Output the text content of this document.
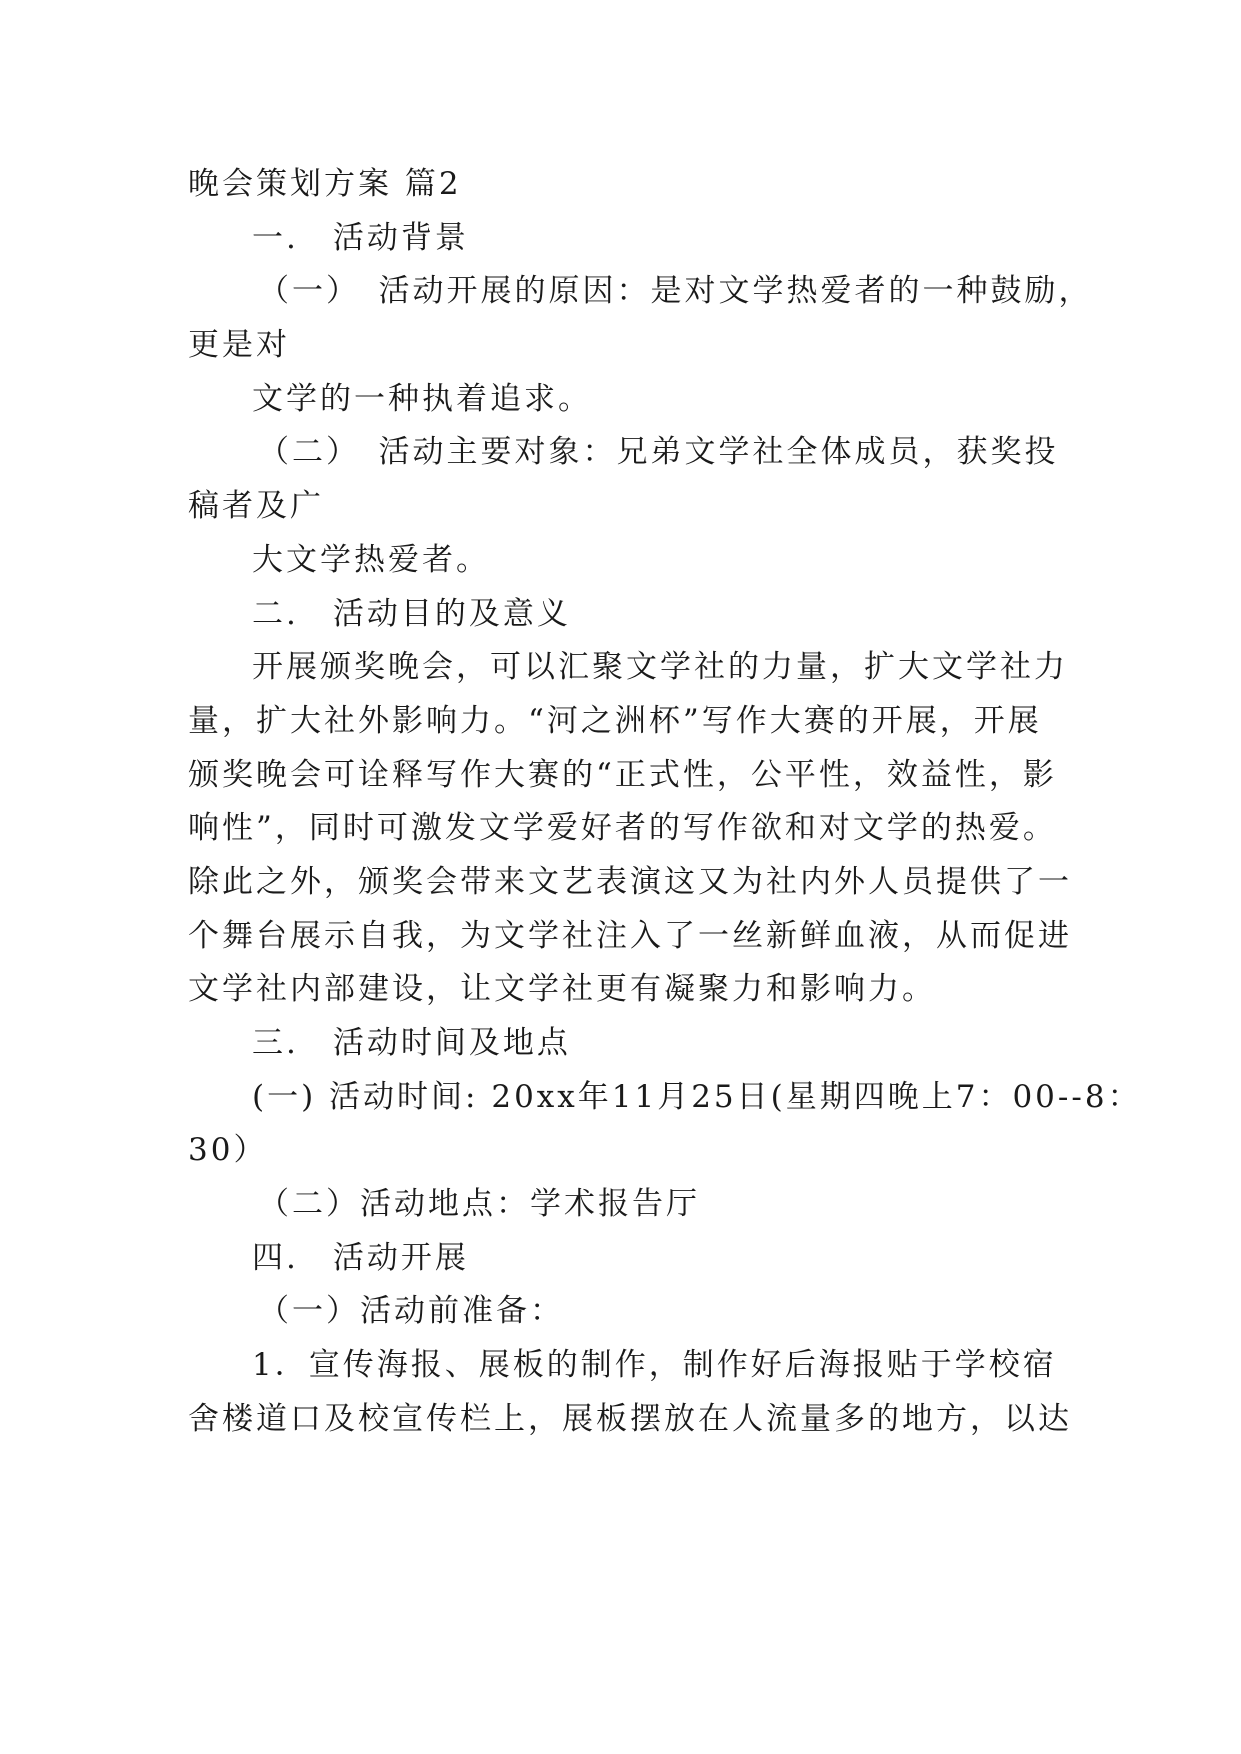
晚会策划方案 篇2
一.　活动背景
（一）　活动开展的原因：是对文学热爱者的一种鼓励，
更是对
文学的一种执着追求。
（二）　活动主要对象：兄弟文学社全体成员，获奖投
稿者及广
大文学热爱者。
二.　活动目的及意义
开展颁奖晚会，可以汇聚文学社的力量，扩大文学社力
量，扩大社外影响力。“河之洲杯”写作大赛的开展，开展
颁奖晚会可诠释写作大赛的“正式性，公平性，效益性，影
响性”，同时可激发文学爱好者的写作欲和对文学的热爱。
除此之外，颁奖会带来文艺表演这又为社内外人员提供了一
个舞台展示自我，为文学社注入了一丝新鲜血液，从而促进
文学社内部建设，让文学社更有凝聚力和影响力。
三.　活动时间及地点
(一) 活动时间: 20xx年11月25日(星期四晚上7：00--8：
30）
（二）活动地点：学术报告厅
四.　活动开展
（一）活动前准备：
1．宣传海报、展板的制作，制作好后海报贴于学校宿
舍楼道口及校宣传栏上，展板摆放在人流量多的地方，以达
